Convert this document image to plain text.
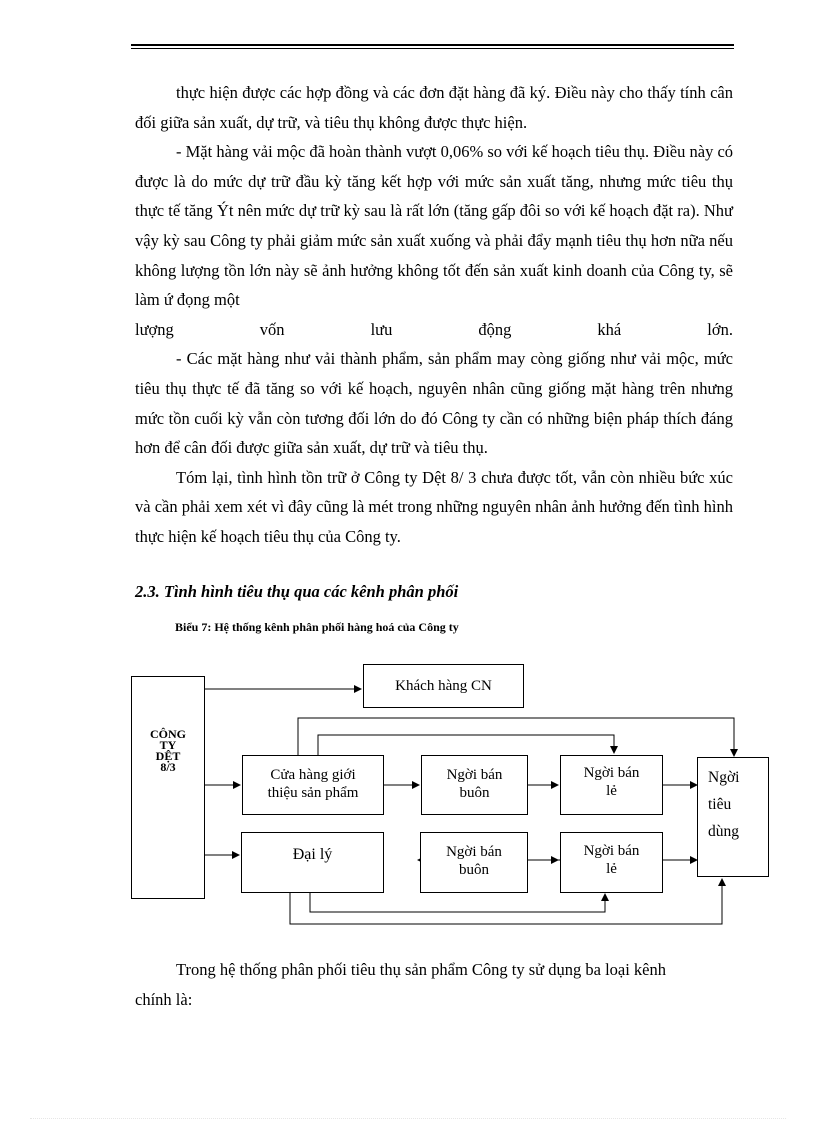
thực hiện được các hợp đồng và các đơn đặt hàng đã ký. Điều này cho thấy tính cân đối giữa sản xuất, dự trữ, và tiêu thụ không được thực hiện.

- Mặt hàng vải mộc đã hoàn thành vượt 0,06% so với kế hoạch tiêu thụ. Điều này có được là do mức dự trữ đầu kỳ tăng kết hợp với mức sản xuất tăng, nhưng mức tiêu thụ thực tế tăng Ýt nên mức dự trữ kỳ sau là rất lớn (tăng gấp đôi so với kế hoạch đặt ra). Như vậy kỳ sau Công ty phải giảm mức sản xuất xuống và phải đẩy mạnh tiêu thụ hơn nữa nếu không lượng tồn lớn này sẽ ảnh hưởng không tốt đến sản xuất kinh doanh của Công ty, sẽ làm ứ đọng một

lượng	vốn	lưu	động	khá	lớn.

- Các mặt hàng như vải thành phẩm, sản phẩm may còng giống như vải mộc, mức tiêu thụ thực tế đã tăng so với kế hoạch, nguyên nhân cũng giống mặt hàng trên nhưng mức tồn cuối kỳ vẫn còn tương đối lớn do đó Công ty cần có những biện pháp thích đáng hơn để cân đối được giữa sản xuất, dự trữ và tiêu thụ.

Tóm lại, tình hình tồn trữ ở Công ty Dệt 8/ 3 chưa được tốt, vẫn còn nhiều bức xúc và cần phải xem xét vì đây cũng là mét trong những nguyên nhân ảnh hưởng đến tình hình thực hiện kế hoạch tiêu thụ của Công ty.

2.3. Tình hình tiêu thụ qua các kênh phân phối
Biểu 7: Hệ thống kênh phân phối hàng hoá của Công ty
CÔNG
TY
DỆT
8/3
Khách hàng CN
Cửa hàng giới
thiệu sản phẩm
Ngời bán
buôn
Ngời bán
lẻ
Ngời
tiêu
dùng
Đại lý	Ngời bán
buôn
Ngời bán
lẻ

Trong hệ thống phân phối tiêu thụ sản phẩm Công ty sử dụng ba loại kênh

chính là:
